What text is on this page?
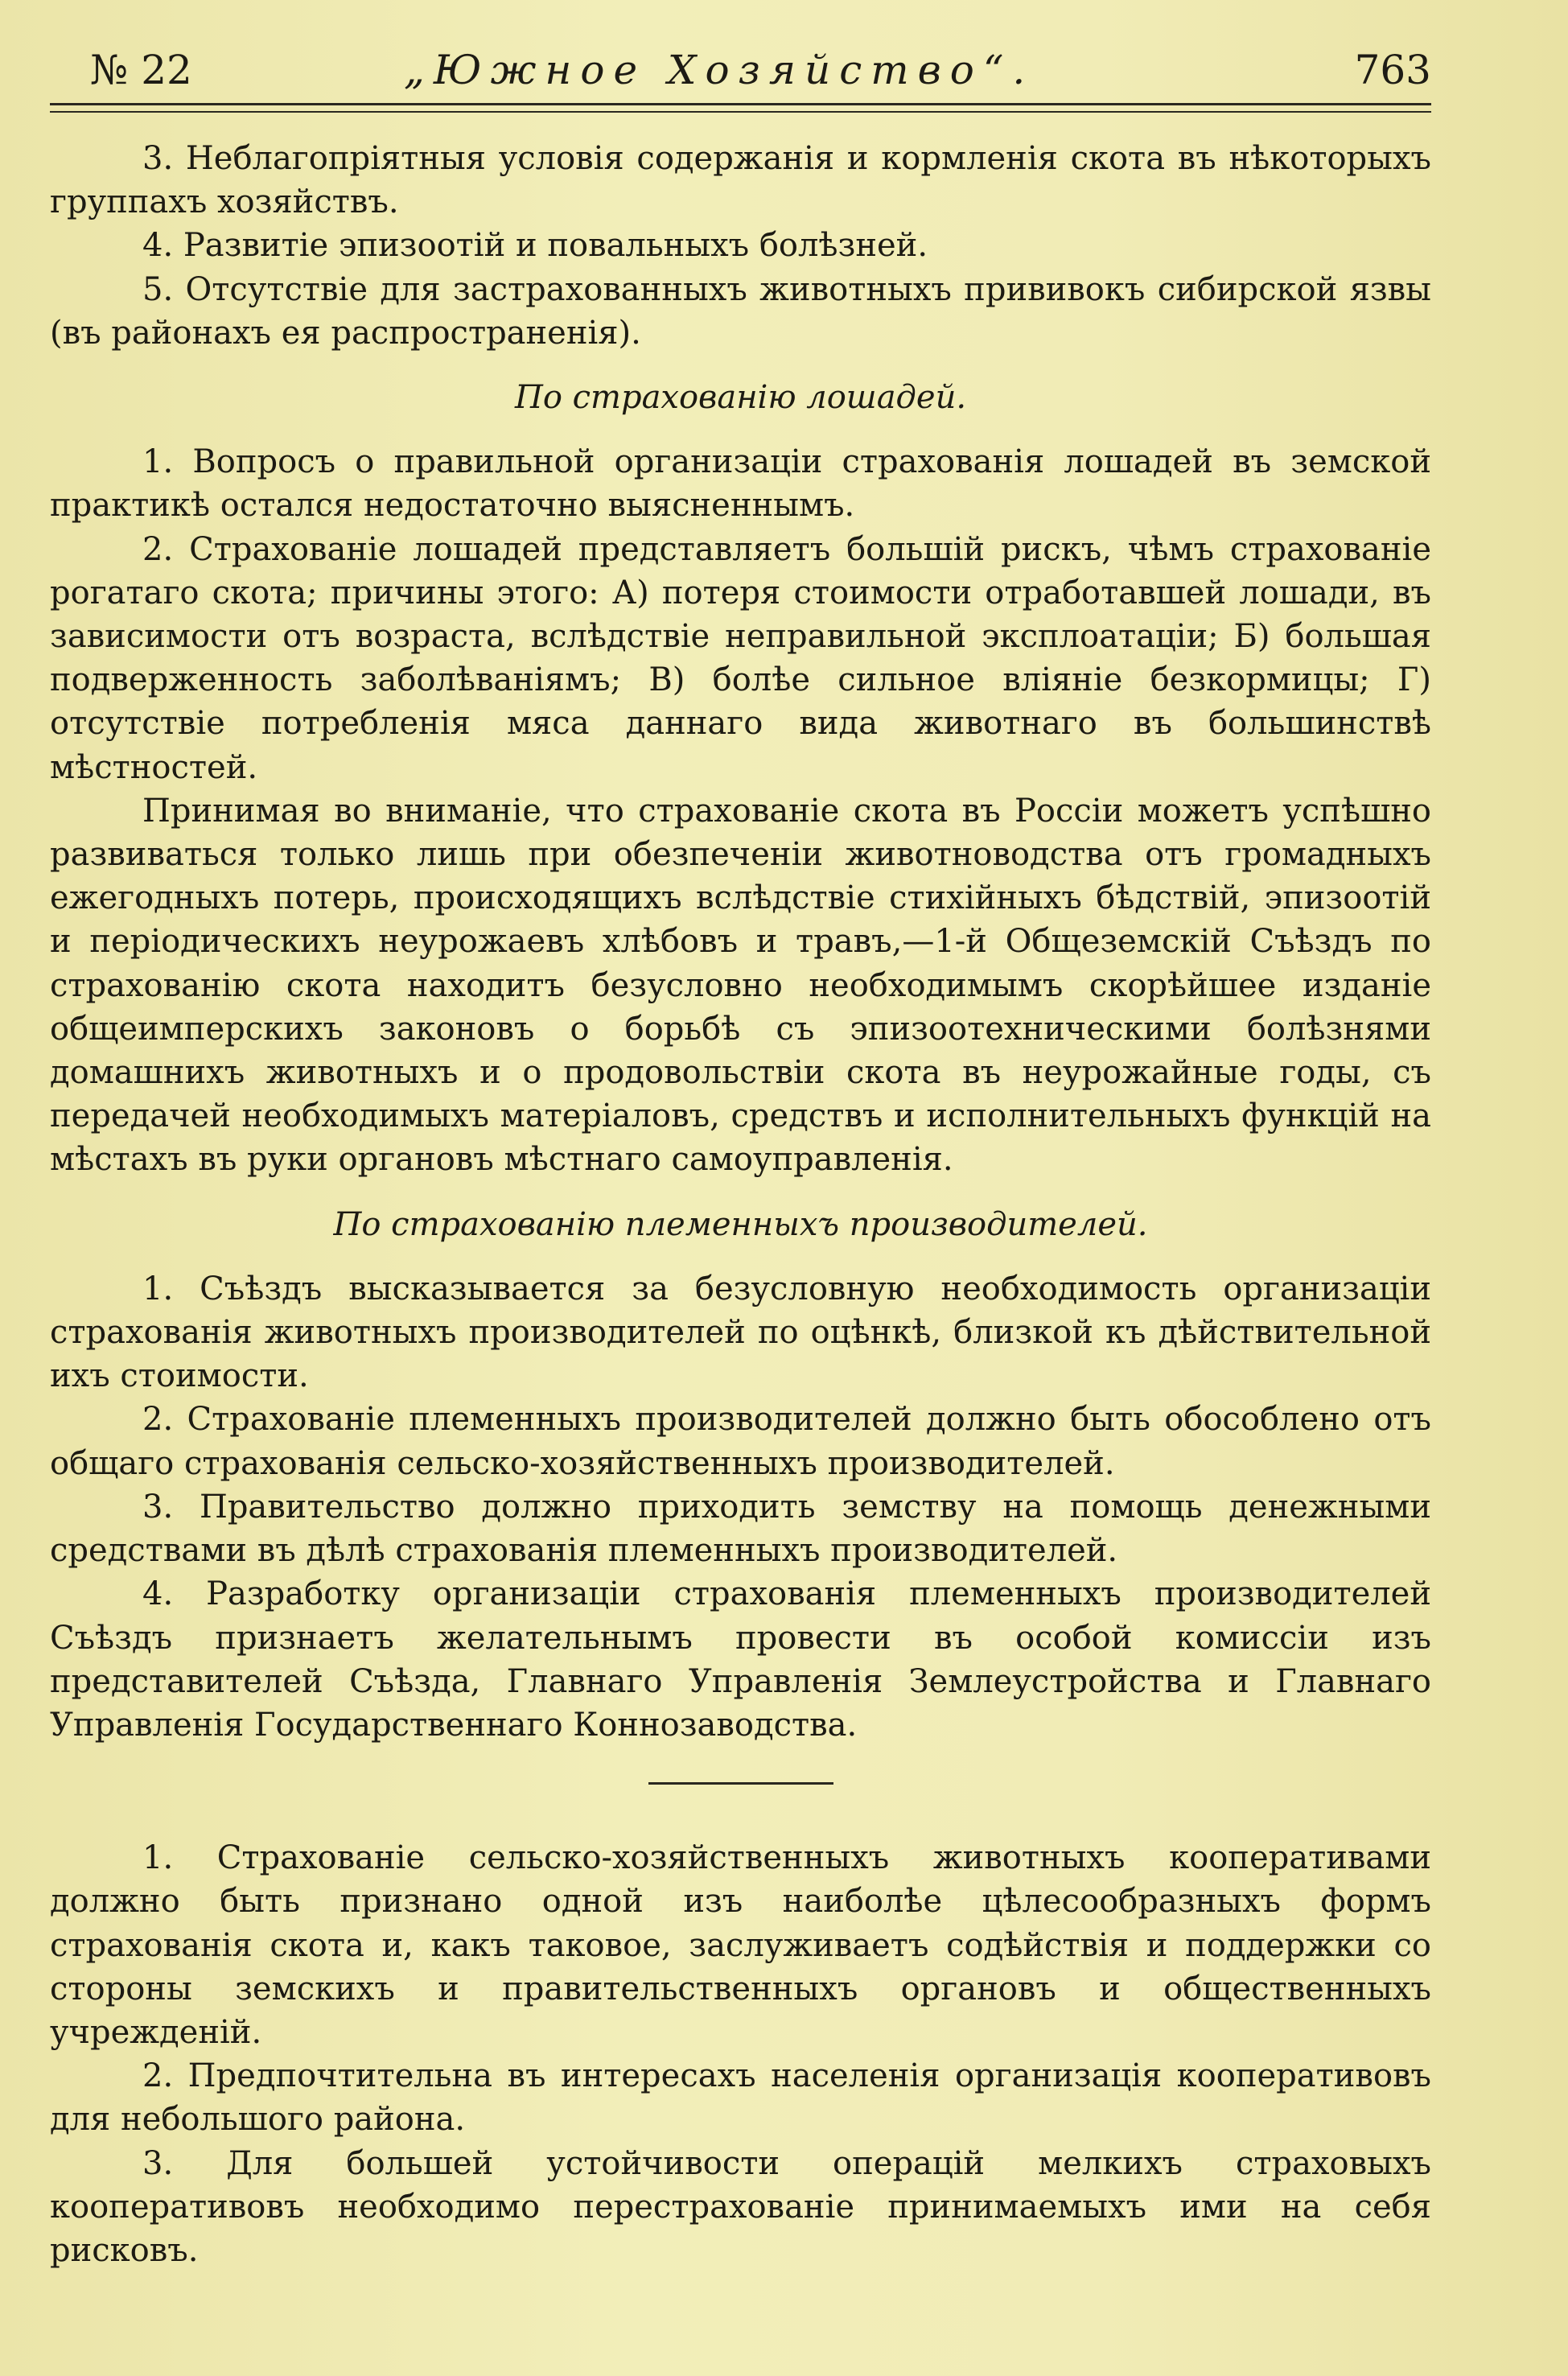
№ 22	„Южное Хозяйство“.	763

3. Неблагопріятныя условія содержанія и кормленія скота въ нѣкоторыхъ группахъ хозяйствъ.

4. Развитіе эпизоотій и повальныхъ болѣзней.

5. Отсутствіе для застрахованныхъ животныхъ прививокъ сибирской язвы (въ районахъ ея распространенія).

По страхованію лошадей.

1. Вопросъ о правильной организаціи страхованія лошадей въ земской практикѣ остался недостаточно выясненнымъ.

2. Страхованіе лошадей представляетъ большій рискъ, чѣмъ страхованіе рогатаго скота; причины этого: А) потеря стоимости отработавшей лошади, въ зависимости отъ возраста, вслѣдствіе неправильной эксплоатаціи; Б) большая подверженность заболѣваніямъ; В) болѣе сильное вліяніе безкормицы; Г) отсутствіе потребленія мяса даннаго вида животнаго въ большинствѣ мѣстностей.

Принимая во вниманіе, что страхованіе скота въ Россіи можетъ успѣшно развиваться только лишь при обезпеченіи животноводства отъ громадныхъ ежегодныхъ потерь, происходящихъ вслѣдствіе стихійныхъ бѣдствій, эпизоотій и періодическихъ неурожаевъ хлѣбовъ и травъ,—1-й Общеземскій Съѣздъ по страхованію скота находитъ безусловно необходимымъ скорѣйшее изданіе общеимперскихъ законовъ о борьбѣ съ эпизоотехническими болѣзнями домашнихъ животныхъ и о продовольствіи скота въ неурожайные годы, съ передачей необходимыхъ матеріаловъ, средствъ и исполнительныхъ функцій на мѣстахъ въ руки органовъ мѣстнаго самоуправленія.

По страхованію племенныхъ производителей.

1. Съѣздъ высказывается за безусловную необходимость организаціи страхованія животныхъ производителей по оцѣнкѣ, близкой къ дѣйствительной ихъ стоимости.

2. Страхованіе племенныхъ производителей должно быть обособлено отъ общаго страхованія сельско-хозяйственныхъ производителей.

3. Правительство должно приходить земству на помощь денежными средствами въ дѣлѣ страхованія племенныхъ производителей.

4. Разработку организаціи страхованія племенныхъ производителей Съѣздъ признаетъ желательнымъ провести въ особой комиссіи изъ представителей Съѣзда, Главнаго Управленія Землеустройства и Главнаго Управленія Государственнаго Коннозаводства.

1. Страхованіе сельско-хозяйственныхъ животныхъ кооперативами должно быть признано одной изъ наиболѣе цѣлесообразныхъ формъ страхованія скота и, какъ таковое, заслуживаетъ содѣйствія и поддержки со стороны земскихъ и правительственныхъ органовъ и общественныхъ учрежденій.

2. Предпочтительна въ интересахъ населенія организація кооперативовъ для небольшого района.

3. Для большей устойчивости операцій мелкихъ страховыхъ кооперативовъ необходимо перестрахованіе принимаемыхъ ими на себя рисковъ.
